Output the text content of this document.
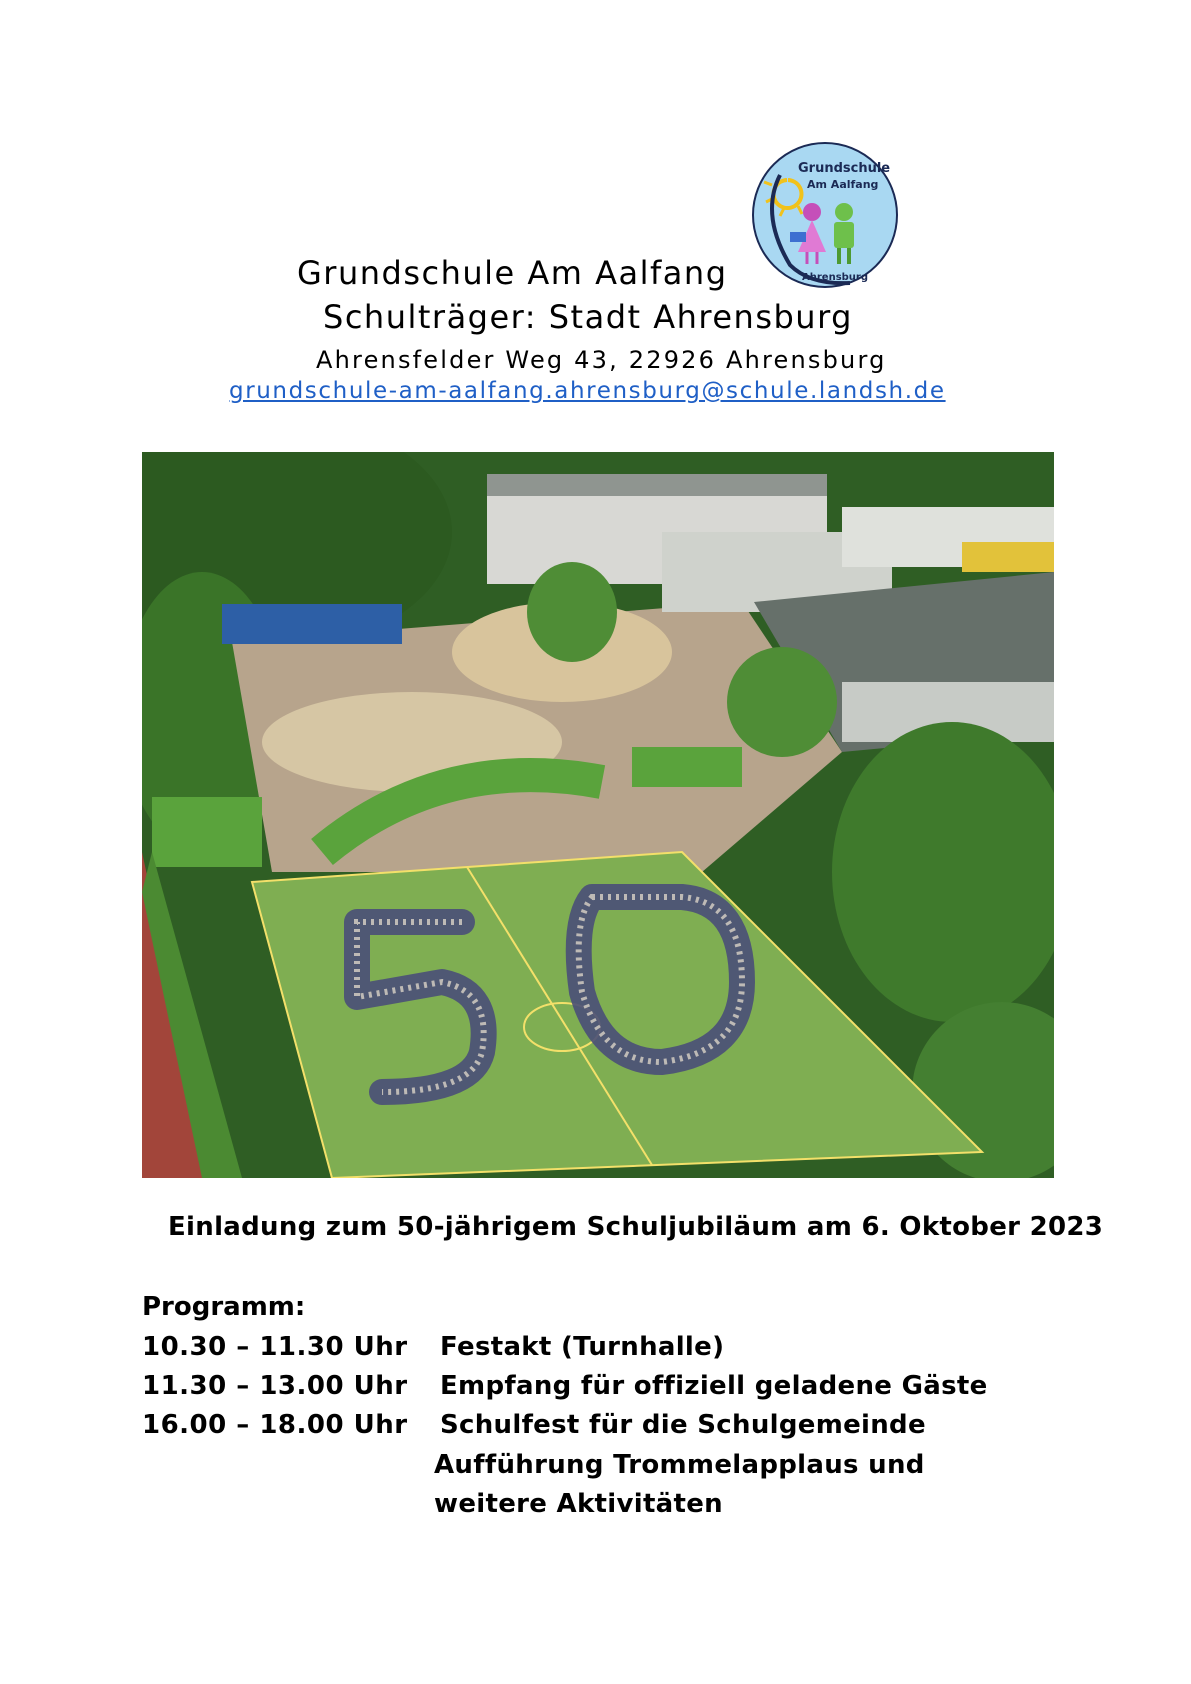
Grundschule
Am Aalfang
Ahrensburg
Grundschule Am Aalfang
Schulträger: Stadt Ahrensburg
Ahrensfelder Weg 43, 22926 Ahrensburg
grundschule-am-aalfang.ahrensburg@schule.landsh.de
Einladung zum 50-jährigem Schuljubiläum am 6. Oktober 2023
Programm:
10.30 – 11.30 Uhr Festakt (Turnhalle)
11.30 – 13.00 Uhr Empfang für offiziell geladene Gäste
16.00 – 18.00 Uhr Schulfest für die Schulgemeinde
Aufführung Trommelapplaus und
weitere Aktivitäten
